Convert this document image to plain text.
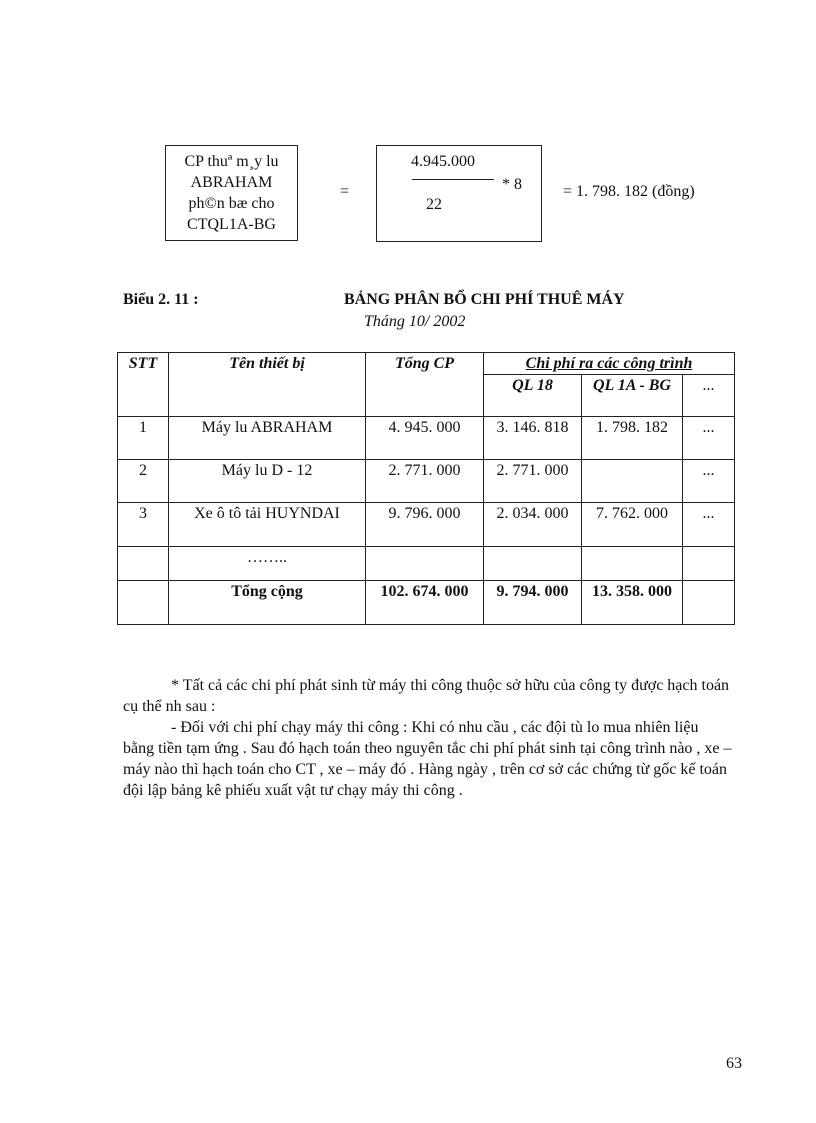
CP thuª m¸y lu
ABRAHAM
ph©n bæ cho
CTQL1A-BG
=
4.945.000
22
* 8	= 1. 798. 182 (đồng)
Biểu 2. 11 :	BẢNG PHÂN BỔ CHI PHÍ THUÊ MÁY
Tháng 10/ 2002
STT	Tên thiết bị	Tổng CP	Chi phí ra các công trình		
			QL 18	QL 1A - BG	...
1	Máy lu ABRAHAM	4. 945. 000	3. 146. 818	1. 798. 182	...
2	Máy lu D - 12	2. 771. 000	2. 771. 000		...
3	Xe ô tô tải HUYNDAI	9. 796. 000	2. 034. 000	7. 762. 000	...
	……..				
	Tổng cộng	102. 674. 000	9. 794. 000	13. 358. 000	
* Tất cả các chi phí phát sinh từ máy thi công thuộc sở hữu của công ty được hạch toán cụ thể nh sau :
- Đối với chi phí chạy máy thi công : Khi có nhu cầu , các đội tù lo mua nhiên liệu bằng tiền tạm ứng . Sau đó hạch toán theo nguyên tắc chi phí phát sinh tại công trình nào , xe – máy nào thì hạch toán cho CT , xe – máy đó . Hàng ngày , trên cơ sở các chứng từ gốc kế toán đội lập bảng kê phiếu xuất vật tư chạy máy thi công .
63
